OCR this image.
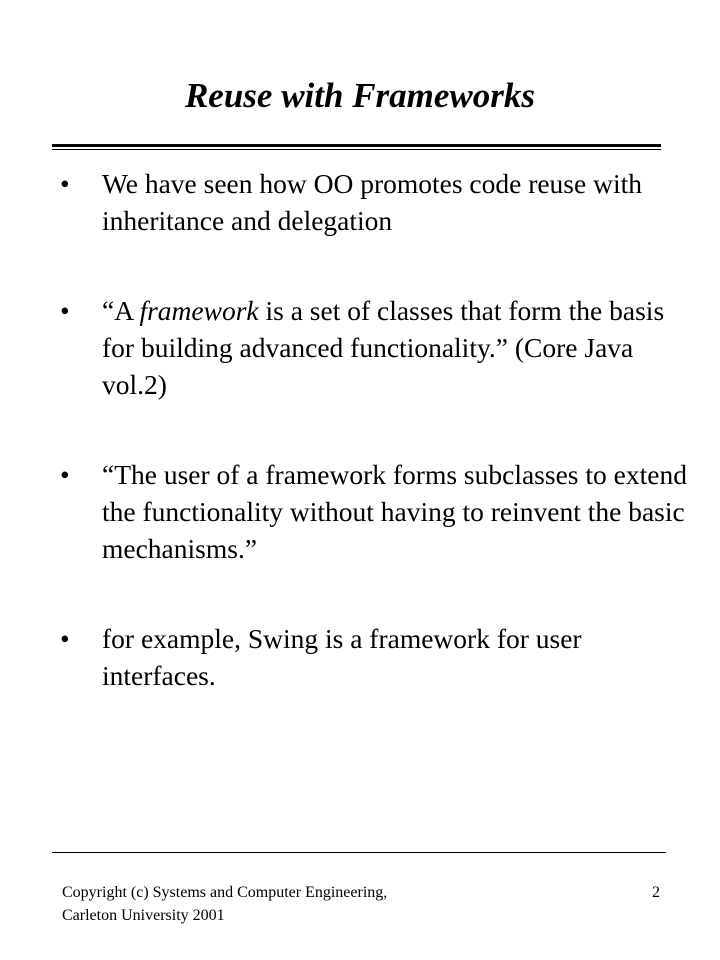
Reuse with Frameworks
• We have seen how OO promotes code reuse with inheritance and delegation
• “A framework is a set of classes that form the basis for building advanced functionality.” (Core Java vol.2)
• “The user of a framework forms subclasses to extend the functionality without having to reinvent the basic mechanisms.”
• for example, Swing is a framework for user interfaces.
Copyright (c) Systems and Computer Engineering,
Carleton University 2001
2
